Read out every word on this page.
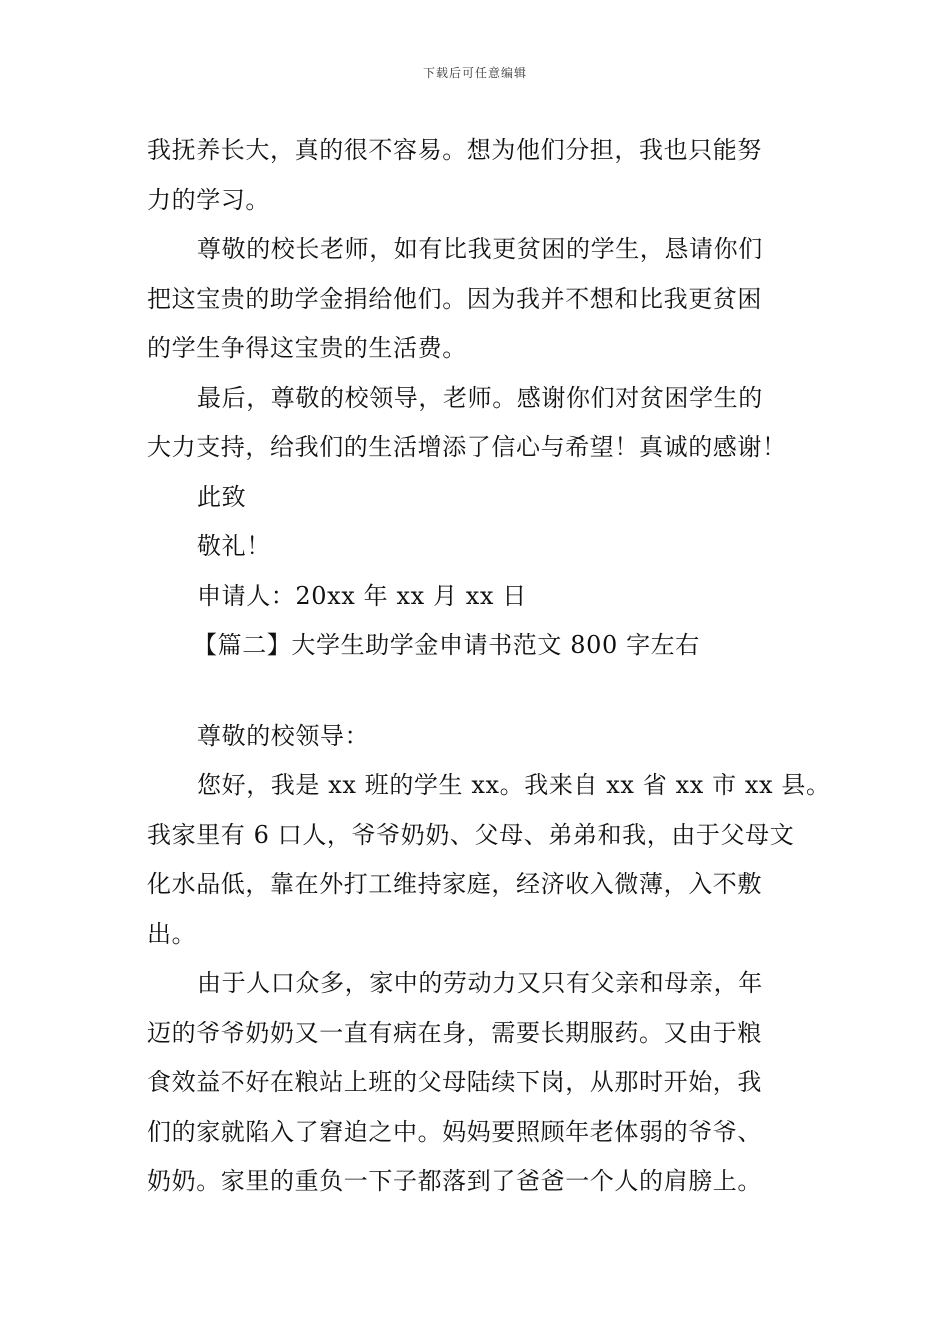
下载后可任意编辑
我抚养长大，真的很不容易。想为他们分担，我也只能努
力的学习。
尊敬的校长老师，如有比我更贫困的学生，恳请你们
把这宝贵的助学金捐给他们。因为我并不想和比我更贫困
的学生争得这宝贵的生活费。
最后，尊敬的校领导，老师。感谢你们对贫困学生的
大力支持，给我们的生活增添了信心与希望！真诚的感谢！
此致
敬礼！
申请人：20xx 年 xx 月 xx 日
【篇二】大学生助学金申请书范文 800 字左右
尊敬的校领导：
您好，我是 xx 班的学生 xx。我来自 xx 省 xx 市 xx 县。
我家里有 6 口人，爷爷奶奶、父母、弟弟和我，由于父母文
化水品低，靠在外打工维持家庭，经济收入微薄，入不敷
出。
由于人口众多，家中的劳动力又只有父亲和母亲，年
迈的爷爷奶奶又一直有病在身，需要长期服药。又由于粮
食效益不好在粮站上班的父母陆续下岗，从那时开始，我
们的家就陷入了窘迫之中。妈妈要照顾年老体弱的爷爷、
奶奶。家里的重负一下子都落到了爸爸一个人的肩膀上。
